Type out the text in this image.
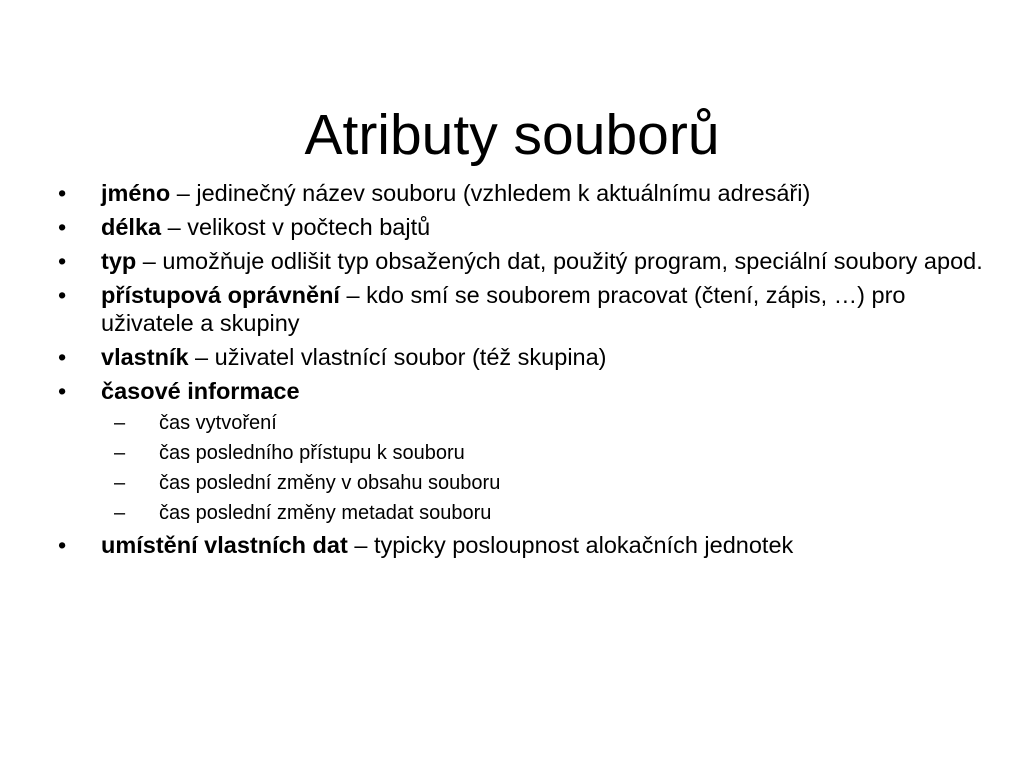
Atributy souborů
•	jméno – jedinečný název souboru (vzhledem k aktuálnímu adresáři)
•	délka – velikost v počtech bajtů
•	typ – umožňuje odlišit typ obsažených dat, použitý program, speciální soubory apod.
•	přístupová oprávnění – kdo smí se souborem pracovat (čtení, zápis, …) pro uživatele a skupiny
•	vlastník – uživatel vlastnící soubor (též skupina)
•	časové informace
–	čas vytvoření
–	čas posledního přístupu k souboru
–	čas poslední změny v obsahu souboru
–	čas poslední změny metadat souboru
•	umístění vlastních dat – typicky posloupnost alokačních jednotek
